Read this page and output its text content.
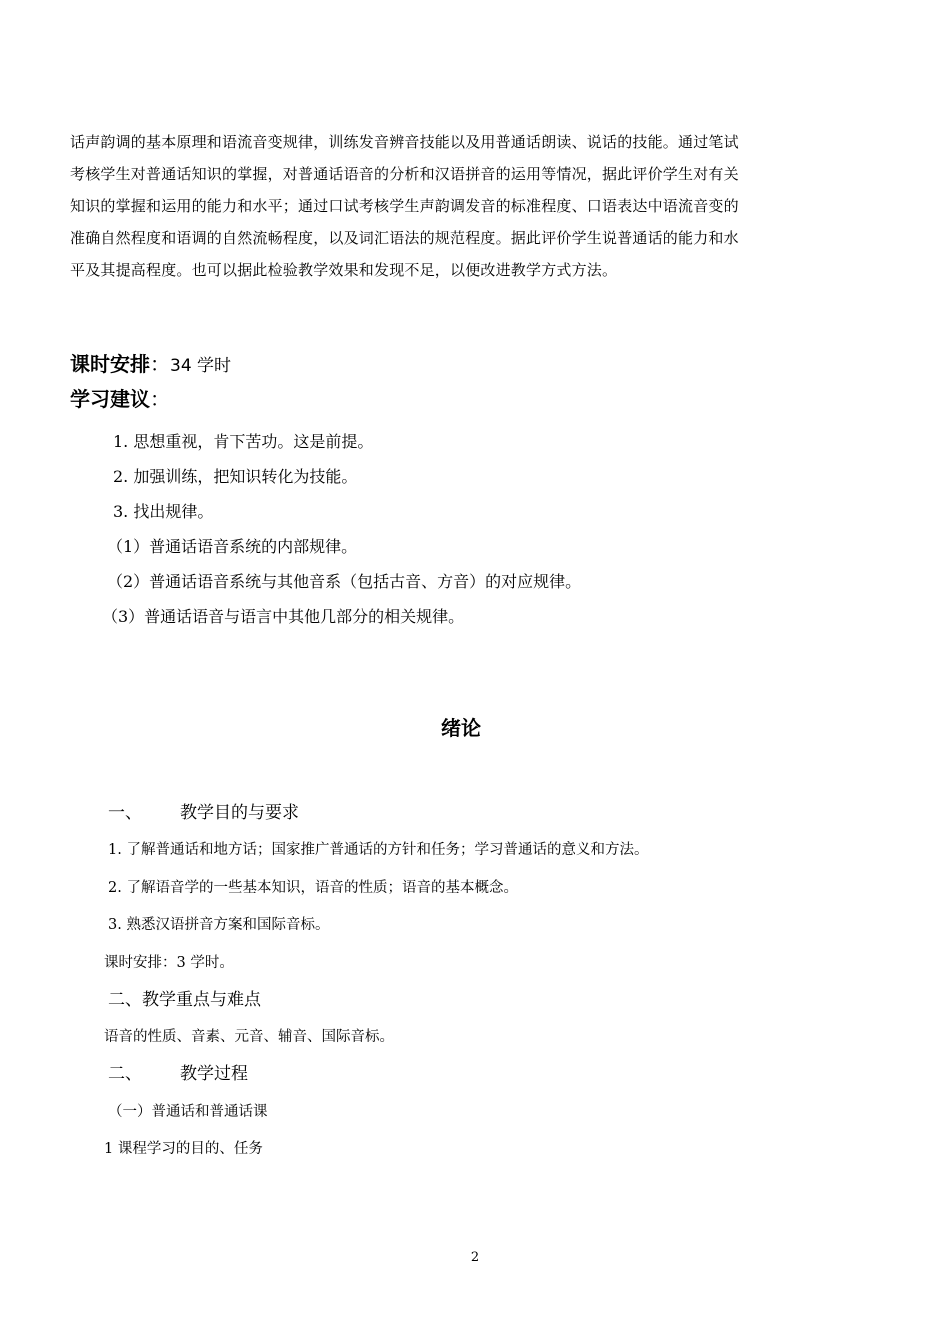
话声韵调的基本原理和语流音变规律，训练发音辨音技能以及用普通话朗读、说话的技能。通过笔试
考核学生对普通话知识的掌握，对普通话语音的分析和汉语拼音的运用等情况，据此评价学生对有关
知识的掌握和运用的能力和水平；通过口试考核学生声韵调发音的标准程度、口语表达中语流音变的
准确自然程度和语调的自然流畅程度，以及词汇语法的规范程度。据此评价学生说普通话的能力和水
平及其提高程度。也可以据此检验教学效果和发现不足，以便改进教学方式方法。

课时安排：34 学时
学习建议：
1. 思想重视，肯下苦功。这是前提。
2. 加强训练，把知识转化为技能。
3. 找出规律。
（1）普通话语音系统的内部规律。
（2）普通话语音系统与其他音系（包括古音、方音）的对应规律。
（3）普通话语音与语言中其他几部分的相关规律。
绪论
一、 教学目的与要求
1. 了解普通话和地方话；国家推广普通话的方针和任务；学习普通话的意义和方法。
2. 了解语音学的一些基本知识，语音的性质；语音的基本概念。
3. 熟悉汉语拼音方案和国际音标。
课时安排：3 学时。
二、教学重点与难点
语音的性质、音素、元音、辅音、国际音标。
二、 教学过程
（一）普通话和普通话课
1 课程学习的目的、任务
2
